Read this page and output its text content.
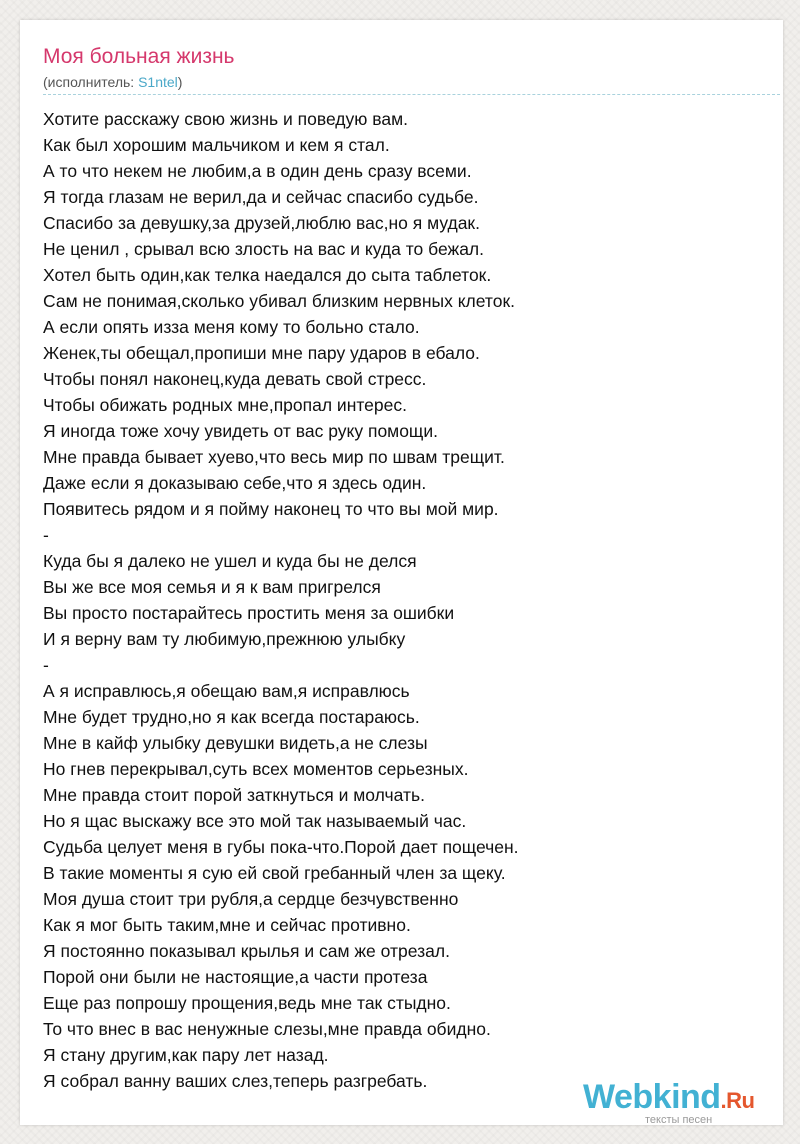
Моя больная жизнь
(исполнитель: S1ntel)
Хотите расскажу свою жизнь и поведую вам.
Как был хорошим мальчиком и кем я стал.
А то что некем не любим,а в один день сразу всеми.
Я тогда глазам не верил,да и сейчас спасибо судьбе.
Спасибо за девушку,за друзей,люблю вас,но я мудак.
Не ценил , срывал всю злость на вас и куда то бежал.
Хотел быть один,как телка наедался до сыта таблеток.
Сам не понимая,сколько убивал близким нервных клеток.
А если опять изза меня кому то больно стало.
Женек,ты обещал,пропиши мне пару ударов в ебало.
Чтобы понял наконец,куда девать свой стресс.
Чтобы обижать родных мне,пропал интерес.
Я иногда тоже хочу увидеть от вас руку помощи.
Мне правда бывает хуево,что весь мир по швам трещит.
Даже если я доказываю себе,что я здесь один.
Появитесь рядом и я пойму наконец то что вы мой мир.
-
Куда бы я далеко не ушел и куда бы не делся
Вы же все моя семья и я к вам пригрелся
Вы просто постарайтесь простить меня за ошибки
И я верну вам ту любимую,прежнюю улыбку
-
А я исправлюсь,я обещаю вам,я исправлюсь
Мне будет трудно,но я как всегда постараюсь.
Мне в кайф улыбку девушки видеть,а не слезы
Но гнев перекрывал,суть всех моментов серьезных.
Мне правда стоит порой заткнуться и молчать.
Но я щас выскажу все это мой так называемый час.
Судьба целует меня в губы пока-что.Порой дает пощечен.
В такие моменты я сую ей свой гребанный член за щеку.
Моя душа стоит три рубля,а сердце безчувственно
Как я мог быть таким,мне и сейчас противно.
Я постоянно показывал крылья и сам же отрезал.
Порой они были не настоящие,а части протеза
Еще раз попрошу прощения,ведь мне так стыдно.
То что внес в вас ненужные слезы,мне правда обидно.
Я стану другим,как пару лет назад.
Я собрал ванну ваших слез,теперь разгребать.	Webkind.Ru
тексты песен
